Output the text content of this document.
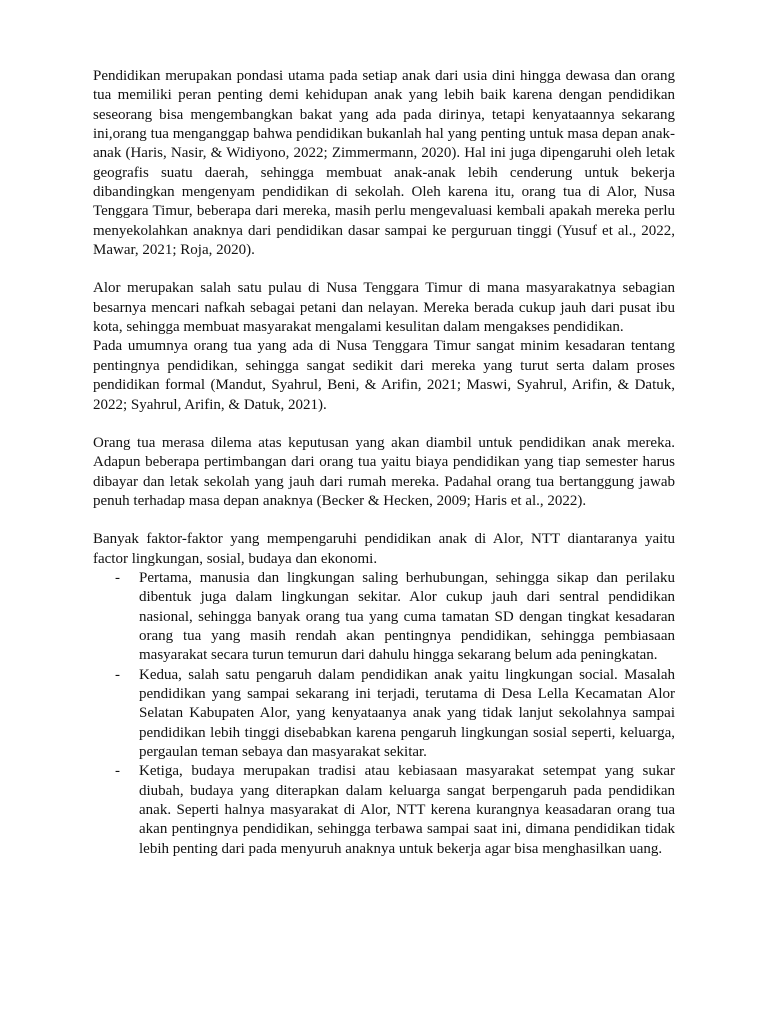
Pendidikan merupakan pondasi utama pada setiap anak dari usia dini hingga dewasa dan orang tua memiliki peran penting demi kehidupan anak yang lebih baik karena dengan pendidikan seseorang bisa mengembangkan bakat yang ada pada dirinya, tetapi kenyataannya sekarang ini,orang tua menganggap bahwa pendidikan bukanlah hal yang penting untuk masa depan anak-anak (Haris, Nasir, & Widiyono, 2022; Zimmermann, 2020). Hal ini juga dipengaruhi oleh letak geografis suatu daerah, sehingga membuat anak-anak lebih cenderung untuk bekerja dibandingkan mengenyam pendidikan di sekolah. Oleh karena itu, orang tua di Alor, Nusa Tenggara Timur, beberapa dari mereka, masih perlu mengevaluasi kembali apakah mereka perlu menyekolahkan anaknya dari pendidikan dasar sampai ke perguruan tinggi (Yusuf et al., 2022, Mawar, 2021; Roja, 2020).

Alor merupakan salah satu pulau di Nusa Tenggara Timur di mana masyarakatnya sebagian besarnya mencari nafkah sebagai petani dan nelayan. Mereka berada cukup jauh dari pusat ibu kota, sehingga membuat masyarakat mengalami kesulitan dalam mengakses pendidikan.

Pada umumnya orang tua yang ada di Nusa Tenggara Timur sangat minim kesadaran tentang pentingnya pendidikan, sehingga sangat sedikit dari mereka yang turut serta dalam proses pendidikan formal (Mandut, Syahrul, Beni, & Arifin, 2021; Maswi, Syahrul, Arifin, & Datuk, 2022; Syahrul, Arifin, & Datuk, 2021).

Orang tua merasa dilema atas keputusan yang akan diambil untuk pendidikan anak mereka. Adapun beberapa pertimbangan dari orang tua yaitu biaya pendidikan yang tiap semester harus dibayar dan letak sekolah yang jauh dari rumah mereka. Padahal orang tua bertanggung jawab penuh terhadap masa depan anaknya (Becker & Hecken, 2009; Haris et al., 2022).

Banyak faktor-faktor yang mempengaruhi pendidikan anak di Alor, NTT diantaranya yaitu factor lingkungan, sosial, budaya dan ekonomi.

- Pertama, manusia dan lingkungan saling berhubungan, sehingga sikap dan perilaku dibentuk juga dalam lingkungan sekitar. Alor cukup jauh dari sentral pendidikan nasional, sehingga banyak orang tua yang cuma tamatan SD dengan tingkat kesadaran orang tua yang masih rendah akan pentingnya pendidikan, sehingga pembiasaan masyarakat secara turun temurun dari dahulu hingga sekarang belum ada peningkatan.
- Kedua, salah satu pengaruh dalam pendidikan anak yaitu lingkungan social. Masalah pendidikan yang sampai sekarang ini terjadi, terutama di Desa Lella Kecamatan Alor Selatan Kabupaten Alor, yang kenyataanya anak yang tidak lanjut sekolahnya sampai pendidikan lebih tinggi disebabkan karena pengaruh lingkungan sosial seperti, keluarga, pergaulan teman sebaya dan masyarakat sekitar.
- Ketiga, budaya merupakan tradisi atau kebiasaan masyarakat setempat yang sukar diubah, budaya yang diterapkan dalam keluarga sangat berpengaruh pada pendidikan anak. Seperti halnya masyarakat di Alor, NTT kerena kurangnya keasadaran orang tua akan pentingnya pendidikan, sehingga terbawa sampai saat ini, dimana pendidikan tidak lebih penting dari pada menyuruh anaknya untuk bekerja agar bisa menghasilkan uang.
